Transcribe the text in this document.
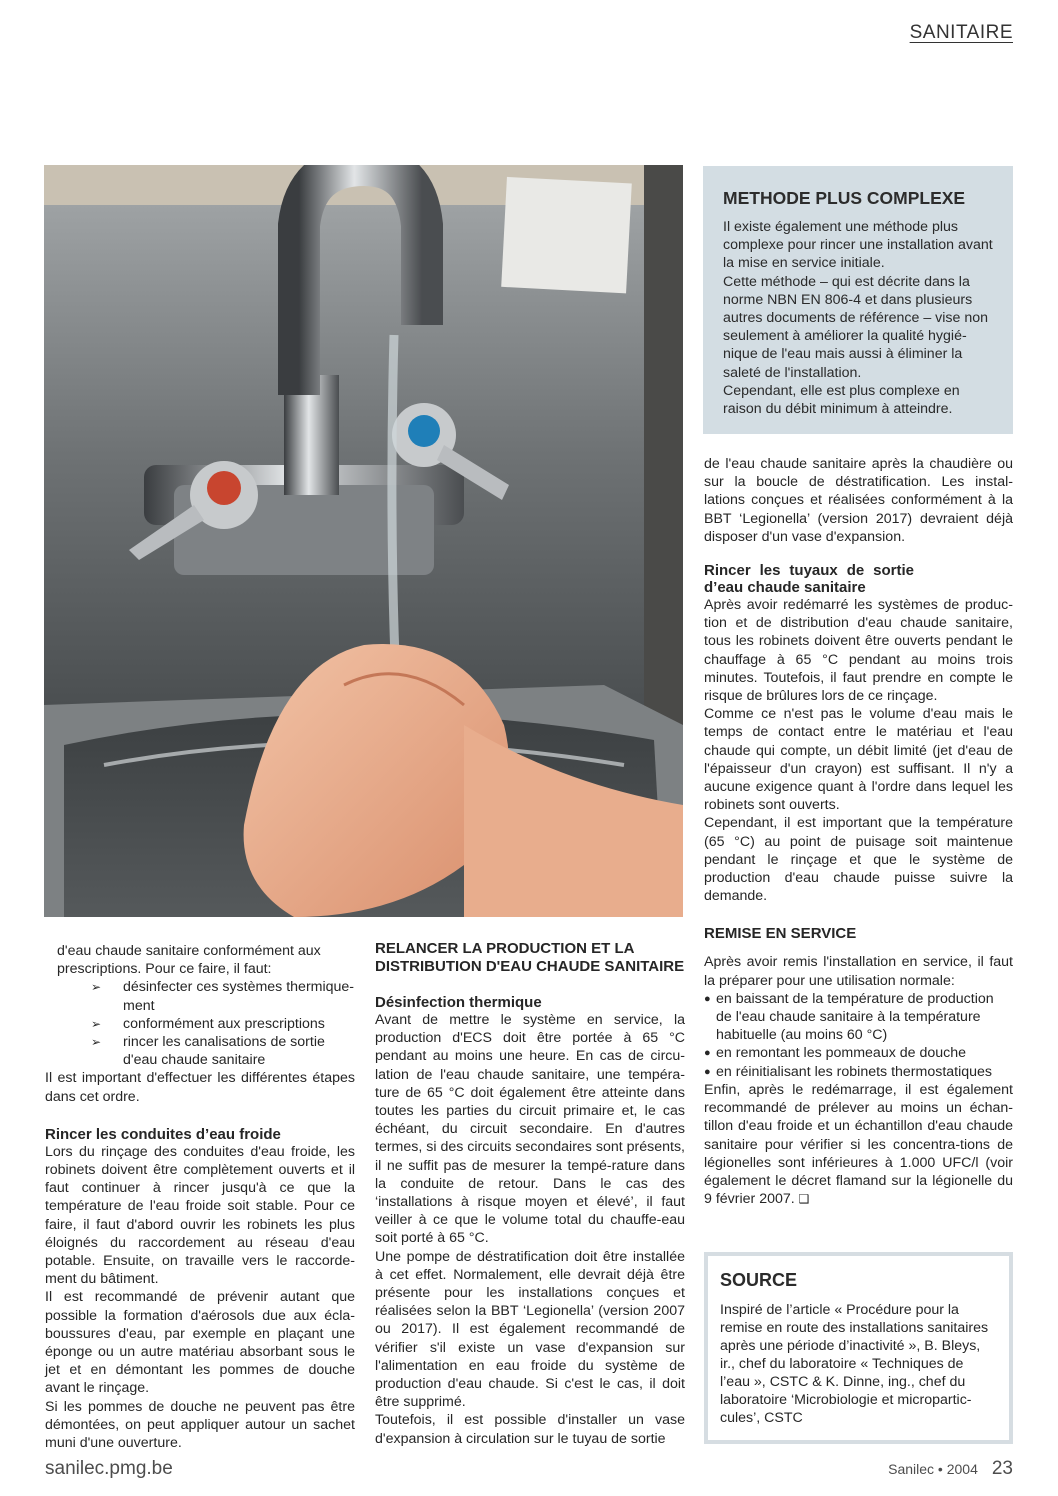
SANITAIRE
METHODE PLUS COMPLEXE

Il existe également une méthode plus complexe pour rincer une installation avant la mise en service initiale.

Cette méthode – qui est décrite dans la norme NBN EN 806-4 et dans plusieurs autres documents de référence – vise non seulement à améliorer la qualité hygié-nique de l'eau mais aussi à éliminer la saleté de l'installation.

Cependant, elle est plus complexe en raison du débit minimum à atteindre.

d'eau chaude sanitaire conformément aux prescriptions. Pour ce faire, il faut:

➢ désinfecter ces systèmes thermique-ment
➢ conformément aux prescriptions
➢ rincer les canalisations de sortie d'eau chaude sanitaire

Il est important d'effectuer les différentes étapes dans cet ordre.

Rincer les conduites d’eau froide

Lors du rinçage des conduites d'eau froide, les robinets doivent être complètement ouverts et il faut continuer à rincer jusqu'à ce que la température de l'eau froide soit stable. Pour ce faire, il faut d'abord ouvrir les robinets les plus éloignés du raccordement au réseau d'eau potable. Ensuite, on travaille vers le raccorde-ment du bâtiment.

Il est recommandé de prévenir autant que possible la formation d'aérosols due aux écla-boussures d'eau, par exemple en plaçant une éponge ou un autre matériau absorbant sous le jet et en démontant les pommes de douche avant le rinçage.

Si les pommes de douche ne peuvent pas être démontées, on peut appliquer autour un sachet muni d'une ouverture.

RELANCER LA PRODUCTION ET LA DISTRIBUTION D'EAU CHAUDE SANITAIRE

Désinfection thermique

Avant de mettre le système en service, la production d'ECS doit être portée à 65 °C pendant au moins une heure. En cas de circu-lation de l'eau chaude sanitaire, une tempéra-ture de 65 °C doit également être atteinte dans toutes les parties du circuit primaire et, le cas échéant, du circuit secondaire. En d'autres termes, si des circuits secondaires sont présents, il ne suffit pas de mesurer la tempé-rature dans la conduite de retour. Dans le cas des ‘installations à risque moyen et élevé’, il faut veiller à ce que le volume total du chauffe-eau soit porté à 65 °C.

Une pompe de déstratification doit être installée à cet effet. Normalement, elle devrait déjà être présente pour les installations conçues et réalisées selon la BBT ‘Legionella’ (version 2007 ou 2017). Il est également recommandé de vérifier s'il existe un vase d'expansion sur l'alimentation en eau froide du système de production d'eau chaude. Si c'est le cas, il doit être supprimé.

Toutefois, il est possible d'installer un vase d'expansion à circulation sur le tuyau de sortie

de l'eau chaude sanitaire après la chaudière ou sur la boucle de déstratification. Les instal-lations conçues et réalisées conformément à la BBT ‘Legionella’ (version 2017) devraient déjà disposer d'un vase d'expansion.

Rincer les tuyaux de sortie d’eau chaude sanitaire

Après avoir redémarré les systèmes de produc-tion et de distribution d'eau chaude sanitaire, tous les robinets doivent être ouverts pendant le chauffage à 65 °C pendant au moins trois minutes. Toutefois, il faut prendre en compte le risque de brûlures lors de ce rinçage.

Comme ce n'est pas le volume d'eau mais le temps de contact entre le matériau et l'eau chaude qui compte, un débit limité (jet d'eau de l'épaisseur d'un crayon) est suffisant. Il n'y a aucune exigence quant à l'ordre dans lequel les robinets sont ouverts.

Cependant, il est important que la température (65 °C) au point de puisage soit maintenue pendant le rinçage et que le système de production d'eau chaude puisse suivre la demande.

REMISE EN SERVICE

Après avoir remis l'installation en service, il faut la préparer pour une utilisation normale:

● en baissant de la température de production de l'eau chaude sanitaire à la température habituelle (au moins 60 °C)
● en remontant les pommeaux de douche
● en réinitialisant les robinets thermostatiques

Enfin, après le redémarrage, il est également recommandé de prélever au moins un échan-tillon d'eau froide et un échantillon d'eau chaude sanitaire pour vérifier si les concentra-tions de légionelles sont inférieures à 1.000 UFC/l (voir également le décret flamand sur la légionelle du 9 février 2007. ❑

SOURCE
Inspiré de l’article « Procédure pour la remise en route des installations sanitaires après une période d’inactivité », B. Bleys, ir., chef du laboratoire « Techniques de l’eau », CSTC & K. Dinne, ing., chef du laboratoire ‘Microbiologie et micropartic-cules’, CSTC
sanilec.pmg.be	Sanilec • 2004 23
